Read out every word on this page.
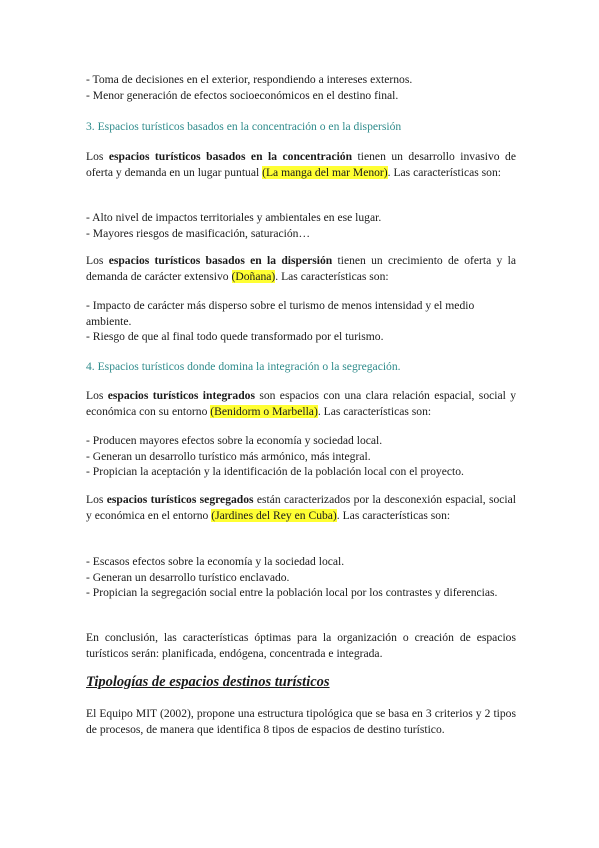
- Toma de decisiones en el exterior, respondiendo a intereses externos.
- Menor generación de efectos socioeconómicos en el destino final.
3. Espacios turísticos basados en la concentración o en la dispersión
Los espacios turísticos basados en la concentración tienen un desarrollo invasivo de oferta y demanda en un lugar puntual (La manga del mar Menor). Las características son:
- Alto nivel de impactos territoriales y ambientales en ese lugar.
- Mayores riesgos de masificación, saturación…
Los espacios turísticos basados en la dispersión tienen un crecimiento de oferta y la demanda de carácter extensivo (Doñana). Las características son:
- Impacto de carácter más disperso sobre el turismo de menos intensidad y el medio ambiente.
- Riesgo de que al final todo quede transformado por el turismo.
4. Espacios turísticos donde domina la integración o la segregación.
Los espacios turísticos integrados son espacios con una clara relación espacial, social y económica con su entorno (Benidorm o Marbella). Las características son:
- Producen mayores efectos sobre la economía y sociedad local.
- Generan un desarrollo turístico más armónico, más integral.
- Propician la aceptación y la identificación de la población local con el proyecto.
Los espacios turísticos segregados están caracterizados por la desconexión espacial, social y económica en el entorno (Jardines del Rey en Cuba). Las características son:
- Escasos efectos sobre la economía y la sociedad local.
- Generan un desarrollo turístico enclavado.
- Propician la segregación social entre la población local por los contrastes y diferencias.
En conclusión, las características óptimas para la organización o creación de espacios turísticos serán: planificada, endógena, concentrada e integrada.
Tipologías de espacios destinos turísticos
El Equipo MIT (2002), propone una estructura tipológica que se basa en 3 criterios y 2 tipos de procesos, de manera que identifica 8 tipos de espacios de destino turístico.
